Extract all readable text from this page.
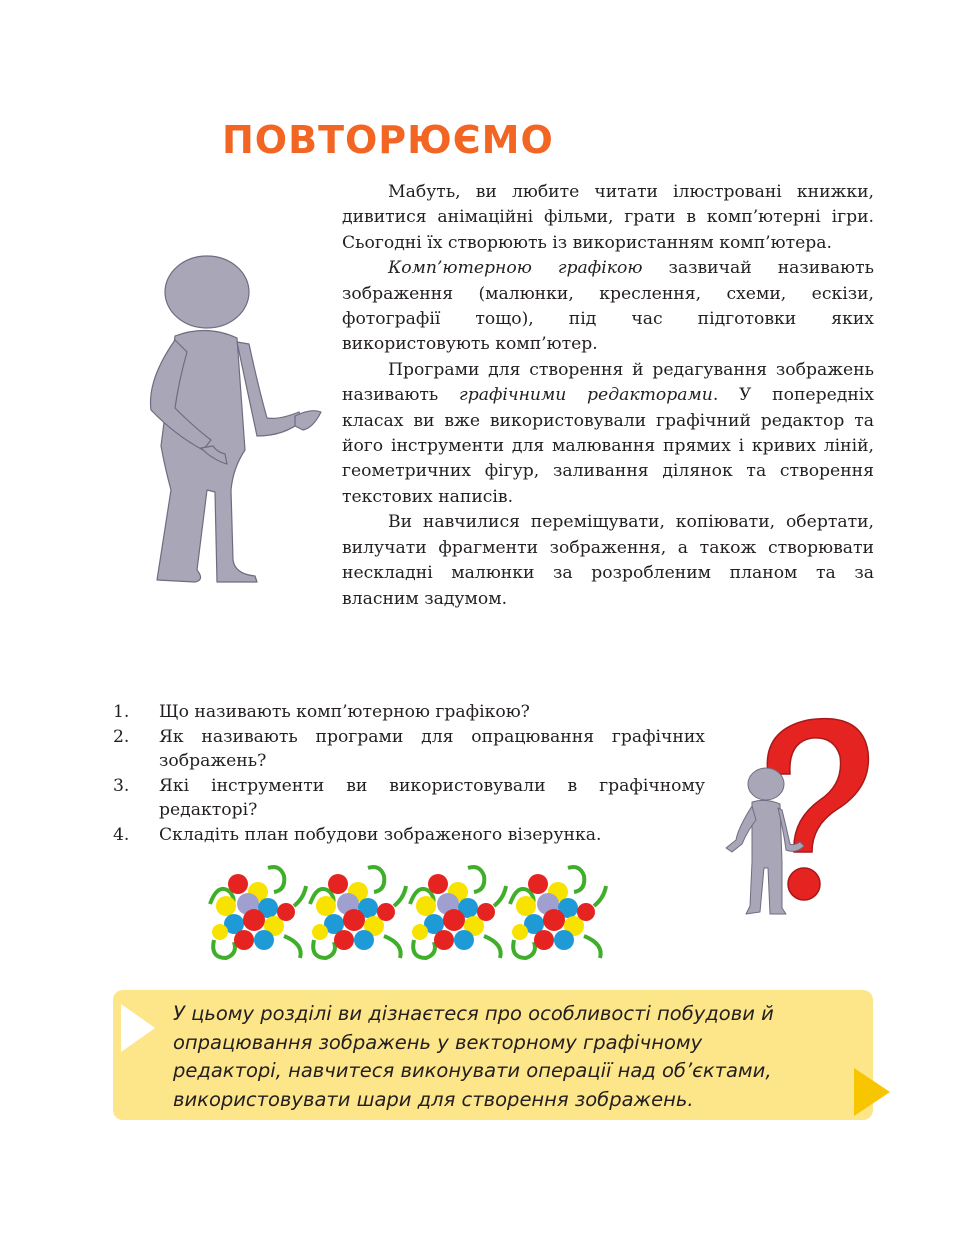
ПОВТОРЮЄМО

Мабуть, ви любите читати ілюстровані книжки, дивитися анімаційні фільми, грати в комп’ютерні ігри. Сьогодні їх створюють із використанням комп’ютера.

Комп’ютерною графікою зазвичай називають зображення (малюнки, креслення, схеми, ескізи, фотографії тощо), під час підготовки яких використовують комп’ютер.

Програми для створення й редагування зображень називають графічними редакторами. У попередніх класах ви вже використовували графічний редактор та його інструменти для малювання прямих і кривих ліній, геометричних фігур, заливання ділянок та створення текстових написів.

Ви навчилися переміщувати, копіювати, обертати, вилучати фрагменти зображення, а також створювати нескладні малюнки за розробленим планом та за власним задумом.

1. Що називають комп’ютерною графікою?
2. Як називають програми для опрацювання графічних зображень?
3. Які інструменти ви використовували в графічному редакторі?
4. Складіть план побудови зображеного візерунка.
У цьому розділі ви дізнаєтеся про особливості побудови й опрацювання зображень у векторному графічному редакторі, навчитеся виконувати операції над об’єктами, використовувати шари для створення зображень.
